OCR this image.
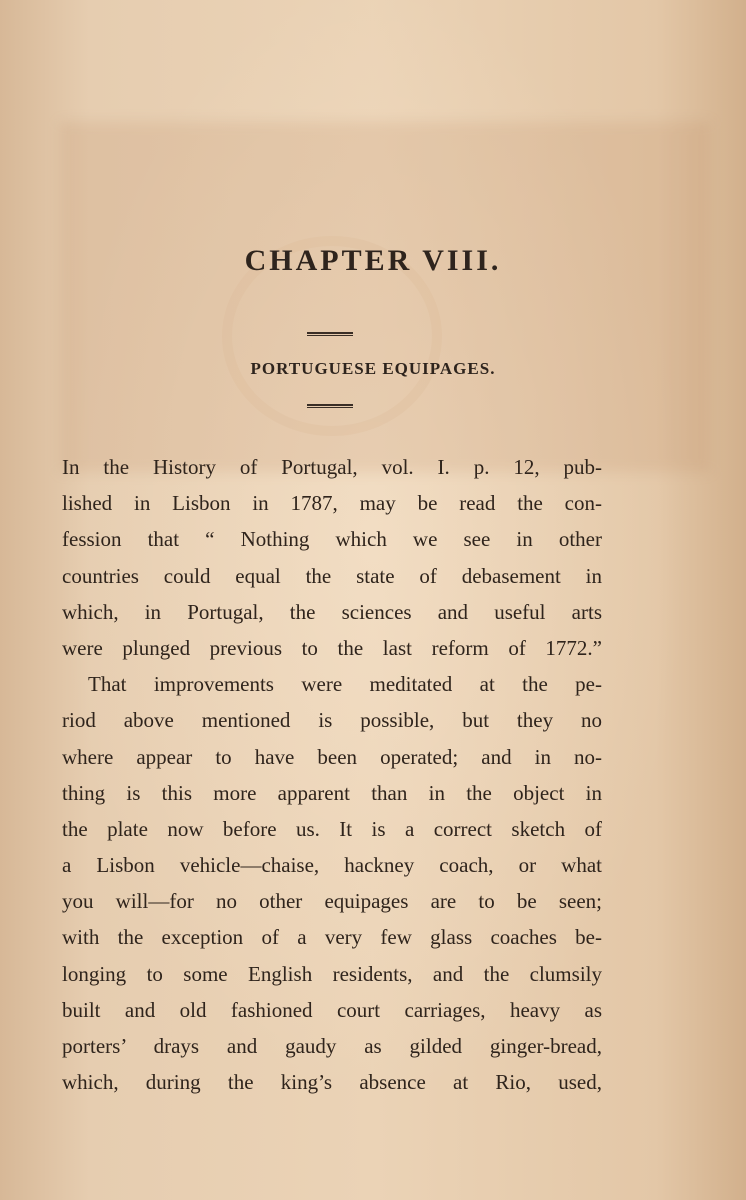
CHAPTER VIII.
PORTUGUESE EQUIPAGES.
In the History of Portugal, vol. I. p. 12, pub-
lished in Lisbon in 1787, may be read the con-
fession that “ Nothing which we see in other
countries could equal the state of debasement in
which, in Portugal, the sciences and useful arts
were plunged previous to the last reform of 1772.”
That improvements were meditated at the pe-
riod above mentioned is possible, but they no
where appear to have been operated; and in no-
thing is this more apparent than in the object in
the plate now before us. It is a correct sketch of
a Lisbon vehicle—chaise, hackney coach, or what
you will—for no other equipages are to be seen;
with the exception of a very few glass coaches be-
longing to some English residents, and the clumsily
built and old fashioned court carriages, heavy as
porters’ drays and gaudy as gilded ginger-bread,
which, during the king’s absence at Rio, used,
